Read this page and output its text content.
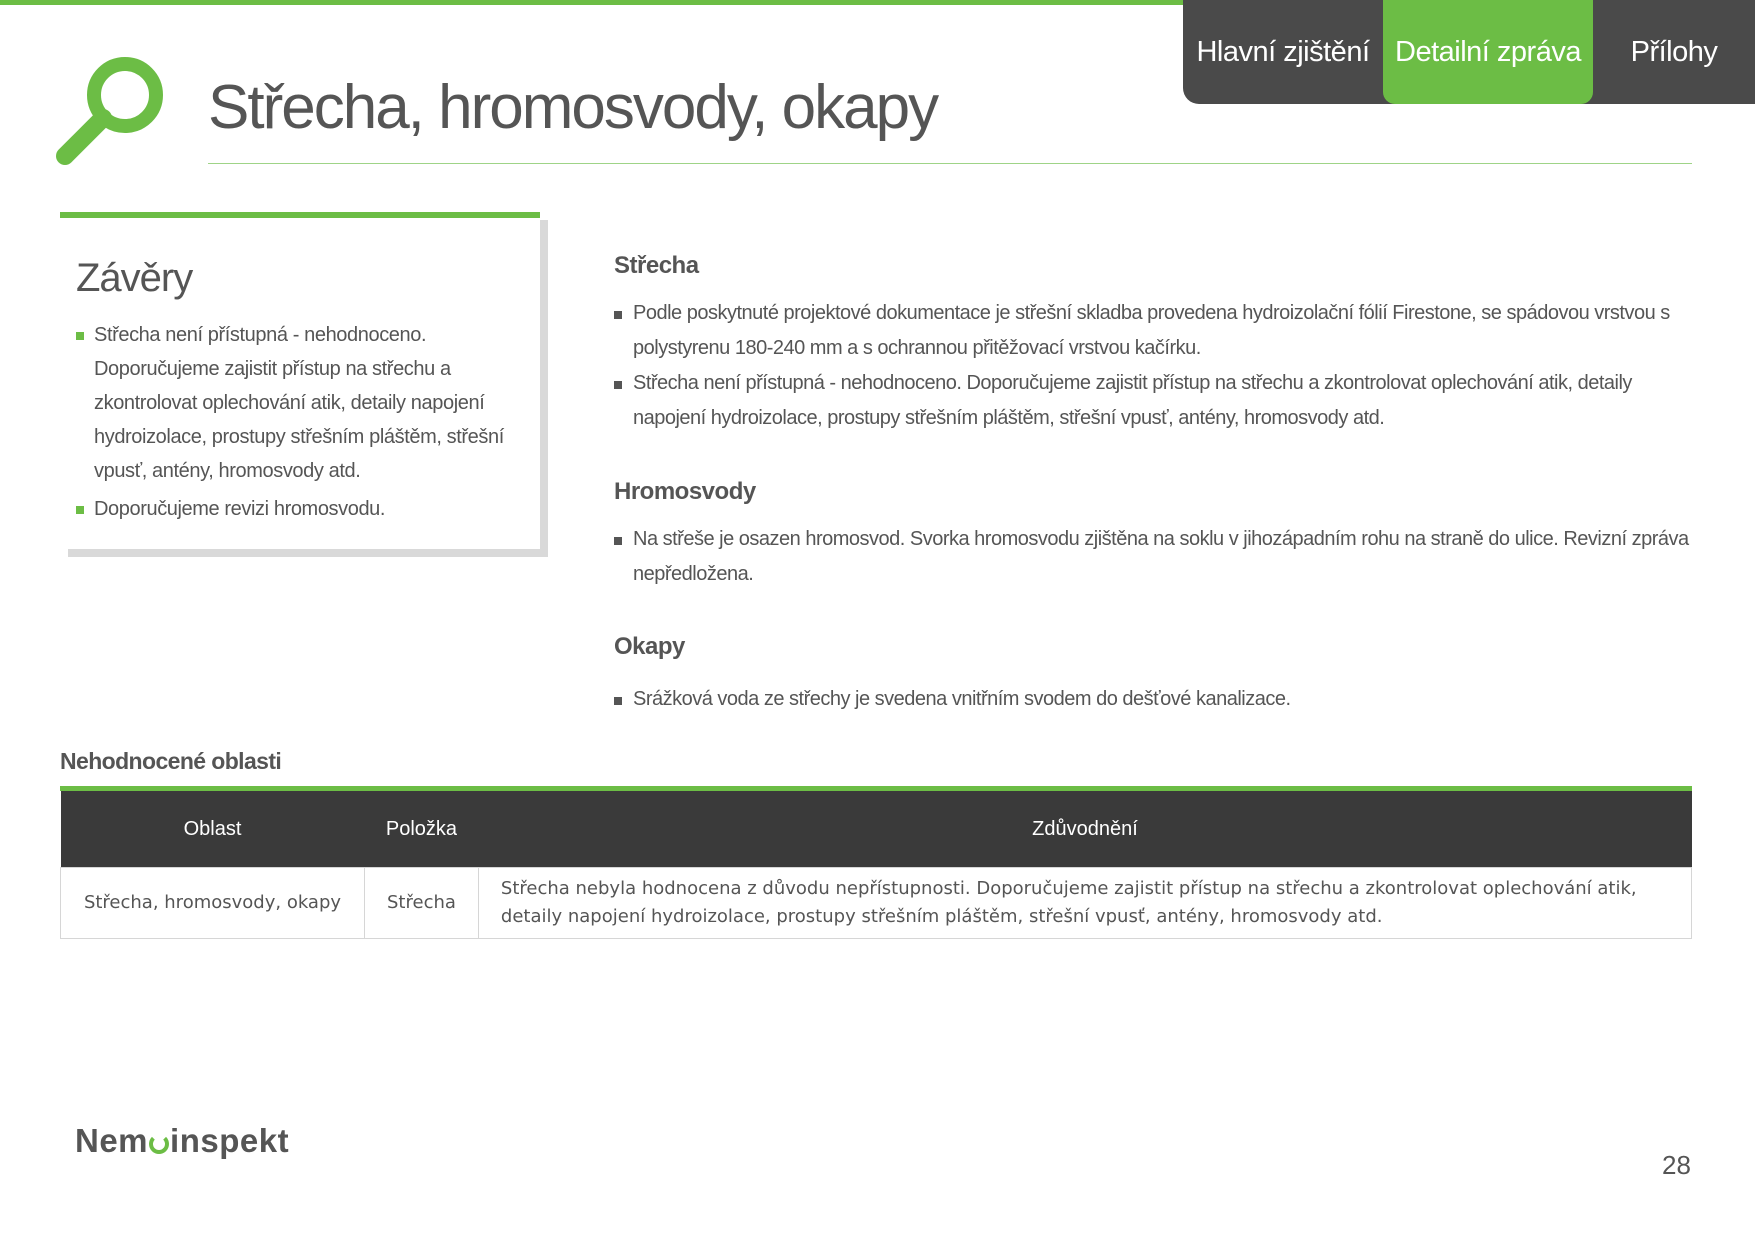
Hlavní zjištění Detailní zpráva	Přílohy
Střecha, hromosvody, okapy
Závěry
Střecha není přístupná - nehodnoceno. Doporučujeme zajistit přístup na střechu a zkontrolovat oplechování atik, detaily napojení hydroizolace, prostupy střešním pláštěm, střešní vpusť, antény, hromosvody atd.
Doporučujeme revizi hromosvodu.
Střecha
Podle poskytnuté projektové dokumentace je střešní skladba provedena hydroizolační fólií Firestone, se spádovou vrstvou s polystyrenu 180-240 mm a s ochrannou přitěžovací vrstvou kačírku.
Střecha není přístupná - nehodnoceno. Doporučujeme zajistit přístup na střechu a zkontrolovat oplechování atik, detaily napojení hydroizolace, prostupy střešním pláštěm, střešní vpusť, antény, hromosvody atd.
Hromosvody
Na střeše je osazen hromosvod. Svorka hromosvodu zjištěna na soklu v jihozápadním rohu na straně do ulice. Revizní zpráva nepředložena.
Okapy
Srážková voda ze střechy je svedena vnitřním svodem do dešťové kanalizace.
Nehodnocené oblasti
Oblast	Položka	Zdůvodnění
Střecha, hromosvody, okapy	Střecha	Střecha nebyla hodnocena z důvodu nepřístupnosti. Doporučujeme zajistit přístup na střechu a zkontrolovat oplechování atik, detaily napojení hydroizolace, prostupy střešním pláštěm, střešní vpusť, antény, hromosvody atd.
Nem inspekt
28
